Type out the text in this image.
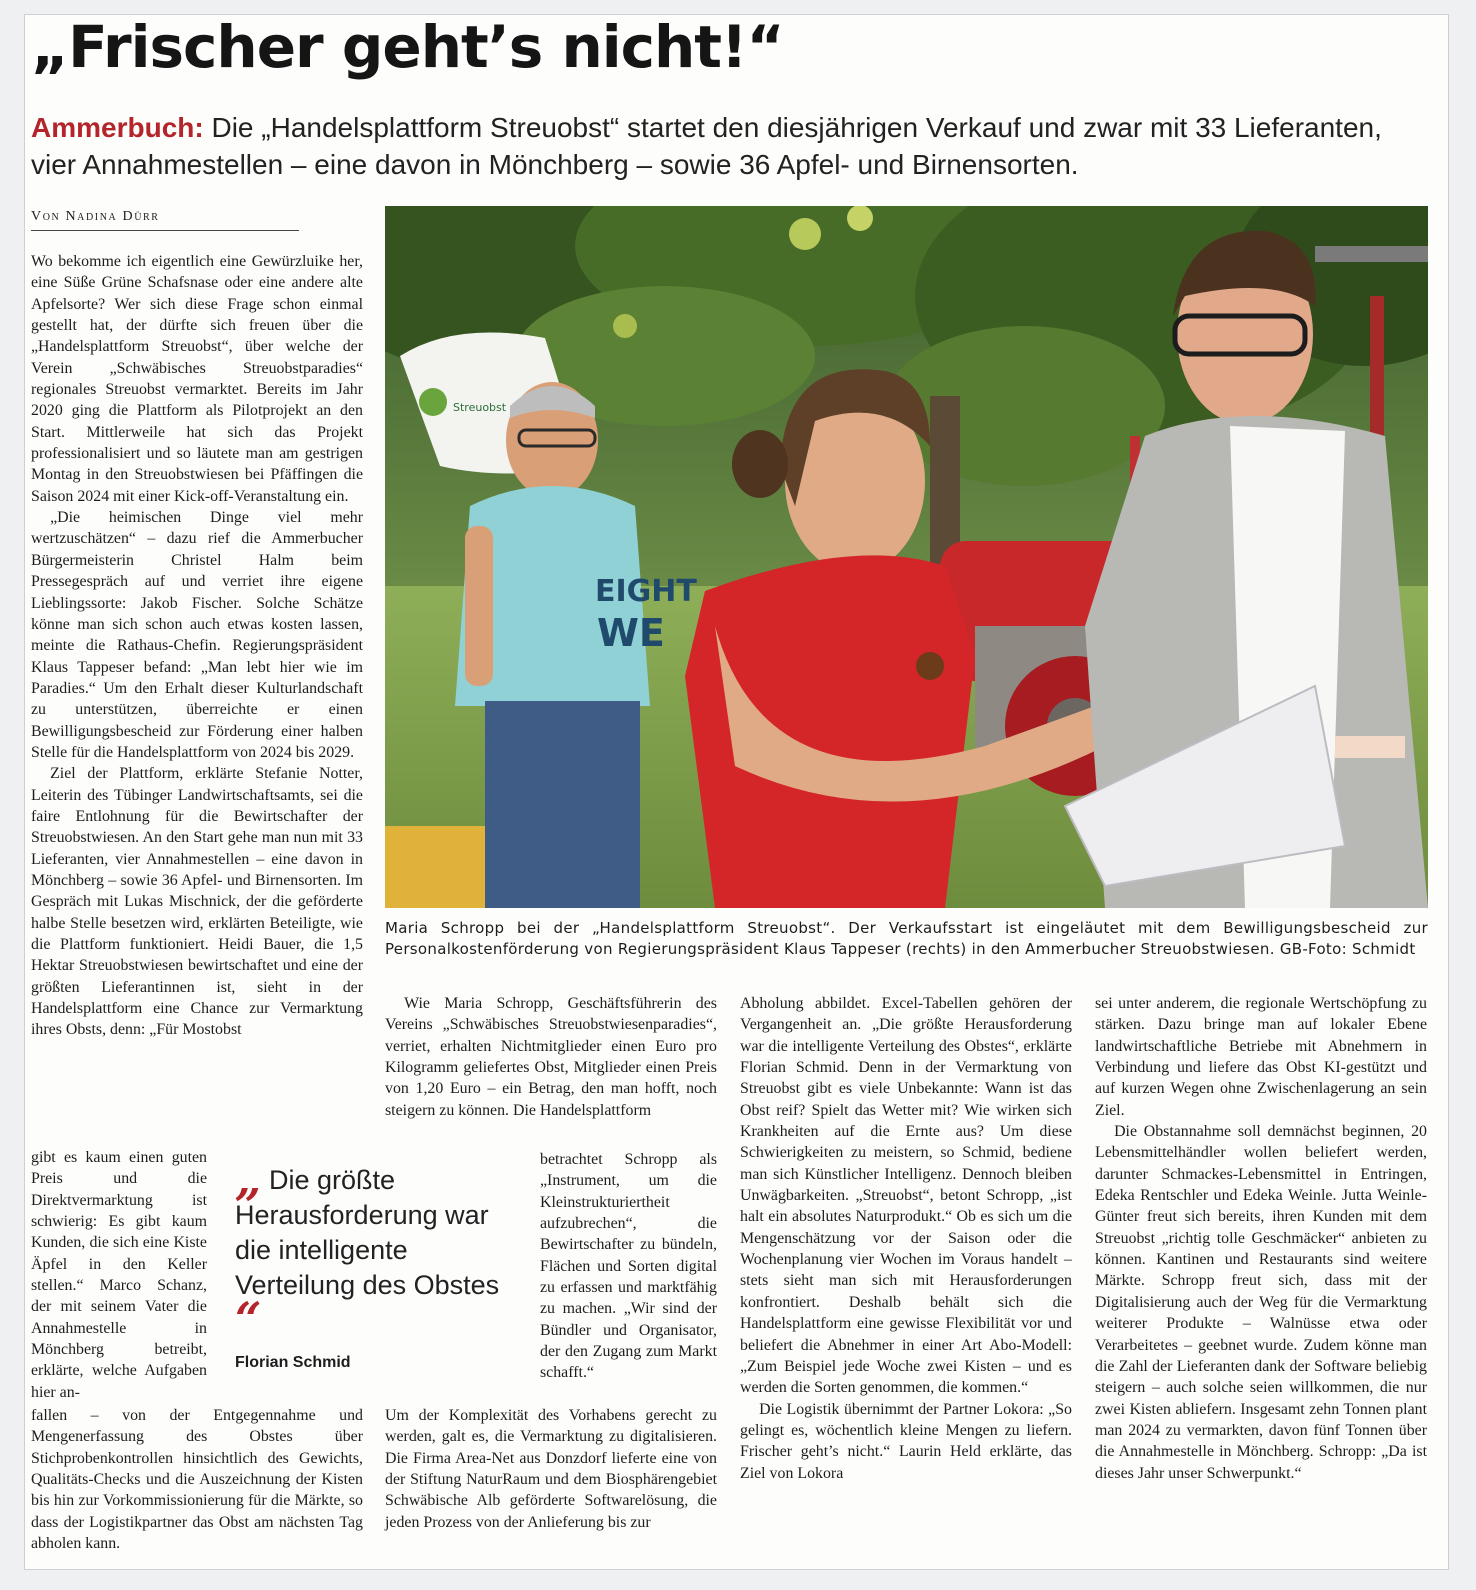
„Frischer geht’s nicht!“
Ammerbuch: Die „Handelsplattform Streuobst“ startet den diesjährigen Verkauf und zwar mit 33 Lieferanten, vier Annahmestellen – eine davon in Mönchberg – sowie 36 Apfel- und Birnensorten.
Von Nadina Dürr

Wo bekomme ich eigentlich eine Gewürzluike her, eine Süße Grüne Schafsnase oder eine andere alte Apfelsorte? Wer sich diese Frage schon einmal gestellt hat, der dürfte sich freuen über die „Handelsplattform Streuobst“, über welche der Verein „Schwäbisches Streuobstparadies“ regionales Streuobst vermarktet. Bereits im Jahr 2020 ging die Plattform als Pilotprojekt an den Start. Mittlerweile hat sich das Projekt professionalisiert und so läutete man am gestrigen Montag in den Streuobstwiesen bei Pfäffingen die Saison 2024 mit einer Kick-off-Veranstaltung ein.

„Die heimischen Dinge viel mehr wertzuschätzen“ – dazu rief die Ammerbucher Bürgermeisterin Christel Halm beim Pressegespräch auf und verriet ihre eigene Lieblingssorte: Jakob Fischer. Solche Schätze könne man sich schon auch etwas kosten lassen, meinte die Rathaus-Chefin. Regierungspräsident Klaus Tappeser befand: „Man lebt hier wie im Paradies.“ Um den Erhalt dieser Kulturlandschaft zu unterstützen, überreichte er einen Bewilligungsbescheid zur Förderung einer halben Stelle für die Handelsplattform von 2024 bis 2029.

Ziel der Plattform, erklärte Stefanie Notter, Leiterin des Tübinger Landwirtschaftsamts, sei die faire Entlohnung für die Bewirtschafter der Streuobstwiesen. An den Start gehe man nun mit 33 Lieferanten, vier Annahmestellen – eine davon in Mönchberg – sowie 36 Apfel- und Birnensorten. Im Gespräch mit Lukas Mischnick, der die geförderte halbe Stelle besetzen wird, erklärten Beteiligte, wie die Plattform funktioniert. Heidi Bauer, die 1,5 Hektar Streuobstwiesen bewirtschaftet und eine der größten Lieferantinnen ist, sieht in der Handelsplattform eine Chance zur Vermarktung ihres Obsts, denn: „Für Mostobst

gibt es kaum einen guten Preis und die Direktvermarktung ist schwierig: Es gibt kaum Kunden, die sich eine Kiste Äpfel in den Keller stellen.“ Marco Schanz, der mit seinem Vater die Annahmestelle in Mönchberg betreibt, erklärte, welche Aufgaben hier an-

fallen – von der Entgegennahme und Mengenerfassung des Obstes über Stichprobenkontrollen hinsichtlich des Gewichts, Qualitäts-Checks und die Auszeichnung der Kisten bis hin zur Vorkommissionierung für die Märkte, so dass der Logistikpartner das Obst am nächsten Tag abholen kann.

Streuobst
EIGHT
WE
Maria Schropp bei der „Handelsplattform Streuobst“. Der Verkaufsstart ist eingeläutet mit dem Bewilligungsbescheid zur Personalkostenförderung von Regierungspräsident Klaus Tappeser (rechts) in den Ammerbucher Streuobstwiesen. GB-Foto: Schmidt

Wie Maria Schropp, Geschäftsführerin des Vereins „Schwäbisches Streuobstwiesenparadies“, verriet, erhalten Nichtmitglieder einen Euro pro Kilogramm geliefertes Obst, Mitglieder einen Preis von 1,20 Euro – ein Betrag, den man hofft, noch steigern zu können. Die Handelsplattform

betrachtet Schropp als „Instrument, um die Kleinstrukturiertheit aufzubrechen“, die Bewirtschafter zu bündeln, Flächen und Sorten digital zu erfassen und marktfähig zu machen. „Wir sind der Bündler und Organisator, der den Zugang zum Markt schafft.“

Um der Komplexität des Vorhabens gerecht zu werden, galt es, die Vermarktung zu digitalisieren. Die Firma Area-Net aus Donzdorf lieferte eine von der Stiftung NaturRaum und dem Biosphärengebiet Schwäbische Alb geförderte Softwarelösung, die jeden Prozess von der Anlieferung bis zur

Abholung abbildet. Excel-Tabellen gehören der Vergangenheit an. „Die größte Herausforderung war die intelligente Verteilung des Obstes“, erklärte Florian Schmid. Denn in der Vermarktung von Streuobst gibt es viele Unbekannte: Wann ist das Obst reif? Spielt das Wetter mit? Wie wirken sich Krankheiten auf die Ernte aus? Um diese Schwierigkeiten zu meistern, so Schmid, bediene man sich Künstlicher Intelligenz. Dennoch bleiben Unwägbarkeiten. „Streuobst“, betont Schropp, „ist halt ein absolutes Naturprodukt.“ Ob es sich um die Mengenschätzung vor der Saison oder die Wochenplanung vier Wochen im Voraus handelt – stets sieht man sich mit Herausforderungen konfrontiert. Deshalb behält sich die Handelsplattform eine gewisse Flexibilität vor und beliefert die Abnehmer in einer Art Abo-Modell: „Zum Beispiel jede Woche zwei Kisten – und es werden die Sorten genommen, die kommen.“

Die Logistik übernimmt der Partner Lokora: „So gelingt es, wöchentlich kleine Mengen zu liefern. Frischer geht’s nicht.“ Laurin Held erklärte, das Ziel von Lokora

sei unter anderem, die regionale Wertschöpfung zu stärken. Dazu bringe man auf lokaler Ebene landwirtschaftliche Betriebe mit Abnehmern in Verbindung und liefere das Obst KI-gestützt und auf kurzen Wegen ohne Zwischenlagerung an sein Ziel.

Die Obstannahme soll demnächst beginnen, 20 Lebensmittelhändler wollen beliefert werden, darunter Schmackes-Lebensmittel in Entringen, Edeka Rentschler und Edeka Weinle. Jutta Weinle-Günter freut sich bereits, ihren Kunden mit dem Streuobst „richtig tolle Geschmäcker“ anbieten zu können. Kantinen und Restaurants sind weitere Märkte. Schropp freut sich, dass mit der Digitalisierung auch der Weg für die Vermarktung weiterer Produkte – Walnüsse etwa oder Verarbeitetes – geebnet wurde. Zudem könne man die Zahl der Lieferanten dank der Software beliebig steigern – auch solche seien willkommen, die nur zwei Kisten abliefern. Insgesamt zehn Tonnen plant man 2024 zu vermarkten, davon fünf Tonnen über die Annahmestelle in Mönchberg. Schropp: „Da ist dieses Jahr unser Schwerpunkt.“

„ Die größte Herausforderung war die intelligente Verteilung des Obstes “
Florian Schmid
